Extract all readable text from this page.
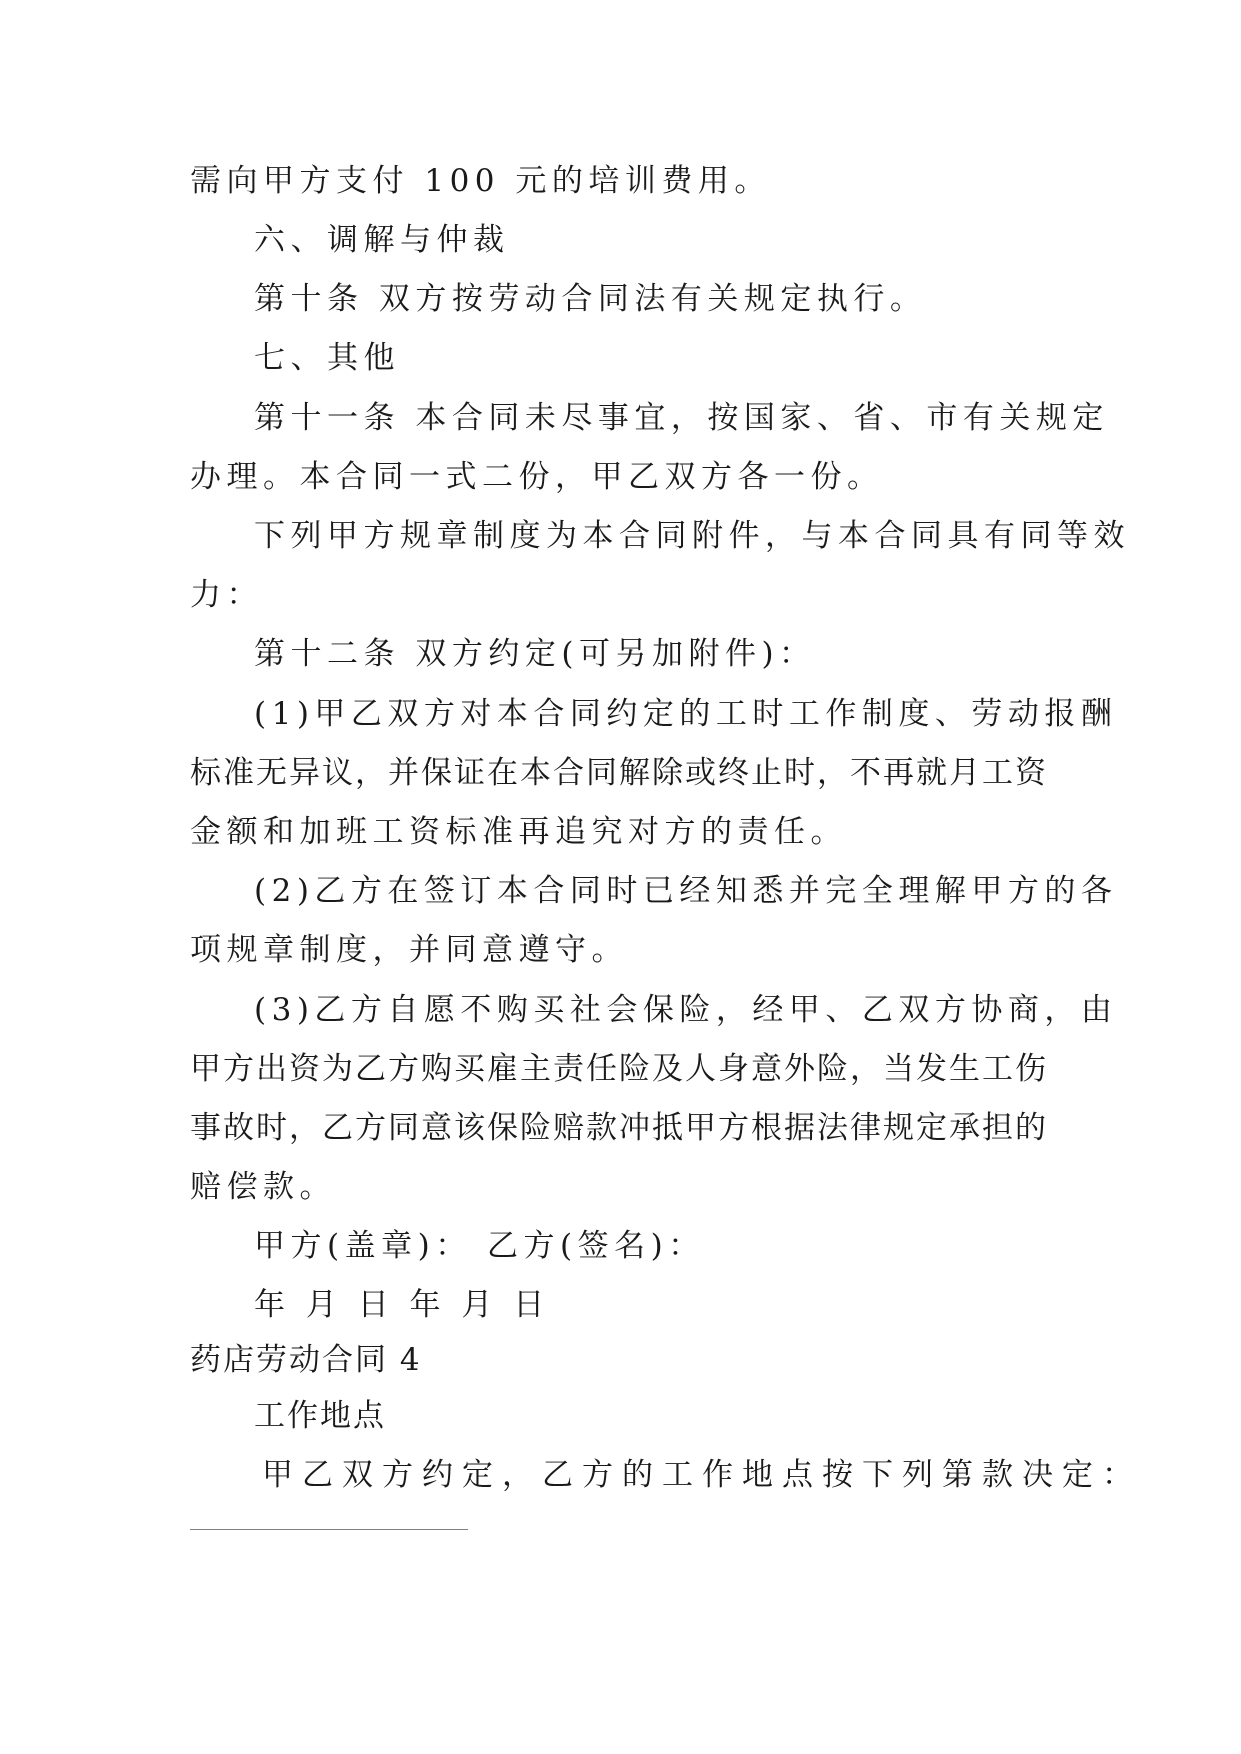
需向甲方支付 100 元的培训费用。
六、调解与仲裁
第十条 双方按劳动合同法有关规定执行。
七、其他
第十一条 本合同未尽事宜，按国家、省、市有关规定
办理。本合同一式二份，甲乙双方各一份。
下列甲方规章制度为本合同附件，与本合同具有同等效
力：
第十二条 双方约定(可另加附件)：
(1)甲乙双方对本合同约定的工时工作制度、劳动报酬
标准无异议，并保证在本合同解除或终止时，不再就月工资
金额和加班工资标准再追究对方的责任。
(2)乙方在签订本合同时已经知悉并完全理解甲方的各
项规章制度，并同意遵守。
(3)乙方自愿不购买社会保险，经甲、乙双方协商，由
甲方出资为乙方购买雇主责任险及人身意外险，当发生工伤
事故时，乙方同意该保险赔款冲抵甲方根据法律规定承担的
赔偿款。
甲方(盖章)： 乙方(签名)：
年 月 日 年 月 日
药店劳动合同 4
工作地点
甲乙双方约定，乙方的工作地点按下列第款决定：
